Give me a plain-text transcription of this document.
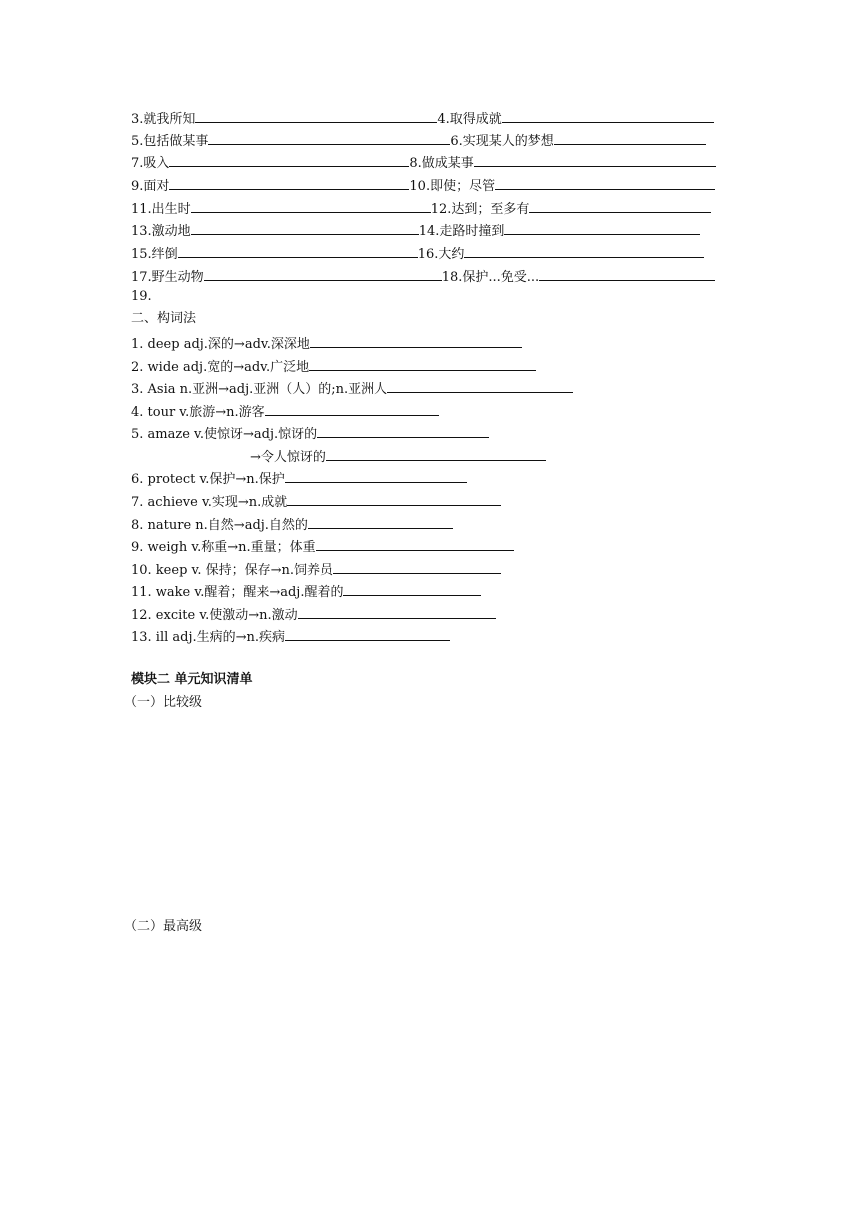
3.就我所知	4.取得成就
5.包括做某事	6.实现某人的梦想
7.吸入	8.做成某事
9.面对	10.即使；尽管
11.出生时	12.达到；至多有
13.激动地	14.走路时撞到
15.绊倒	16.大约
17.野生动物	18.保护...免受...
19.
二、构词法
1. deep adj.深的→adv.深深地
2. wide adj.宽的→adv.广泛地
3. Asia n.亚洲→adj.亚洲（人）的;n.亚洲人
4. tour v.旅游→n.游客
5. amaze v.使惊讶→adj.惊讶的
→令人惊讶的
6. protect v.保护→n.保护
7. achieve v.实现→n.成就
8. nature n.自然→adj.自然的
9. weigh v.称重→n.重量；体重
10. keep v. 保持；保存→n.饲养员
11. wake v.醒着；醒来→adj.醒着的
12. excite v.使激动→n.激动
13. ill adj.生病的→n.疾病
模块二 单元知识清单
（一）比较级
（二）最高级
